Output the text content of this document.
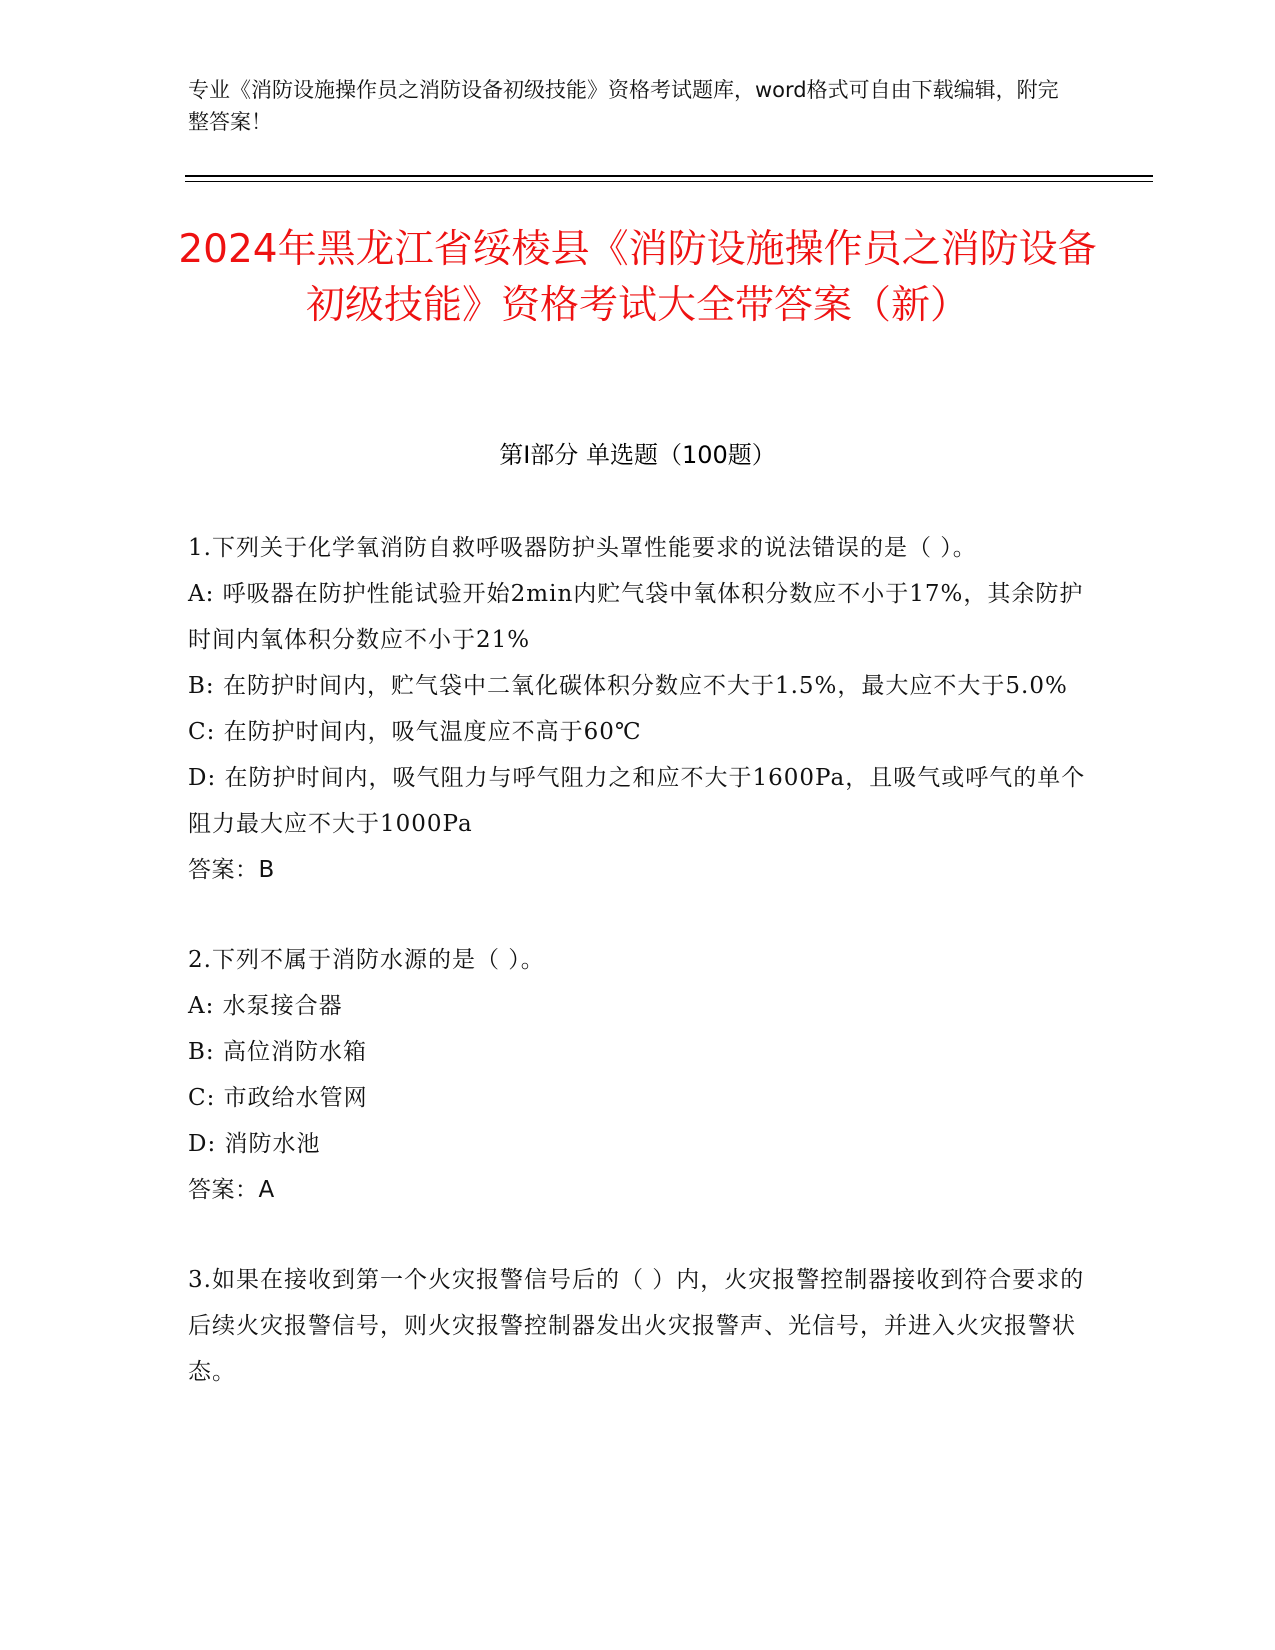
专业《消防设施操作员之消防设备初级技能》资格考试题库，word格式可自由下载编辑，附完整答案！
2024年黑龙江省绥棱县《消防设施操作员之消防设备初级技能》资格考试大全带答案（新）
第Ⅰ部分 单选题（100题）

1.下列关于化学氧消防自救呼吸器防护头罩性能要求的说法错误的是（ ）。

A: 呼吸器在防护性能试验开始2min内贮气袋中氧体积分数应不小于17%，其余防护时间内氧体积分数应不小于21%

B: 在防护时间内，贮气袋中二氧化碳体积分数应不大于1.5%，最大应不大于5.0%

C: 在防护时间内，吸气温度应不高于60℃

D: 在防护时间内，吸气阻力与呼气阻力之和应不大于1600Pa，且吸气或呼气的单个阻力最大应不大于1000Pa

答案：B

2.下列不属于消防水源的是（ ）。

A: 水泵接合器

B: 高位消防水箱

C: 市政给水管网

D: 消防水池

答案：A

3.如果在接收到第一个火灾报警信号后的（ ）内，火灾报警控制器接收到符合要求的后续火灾报警信号，则火灾报警控制器发出火灾报警声、光信号，并进入火灾报警状态。
